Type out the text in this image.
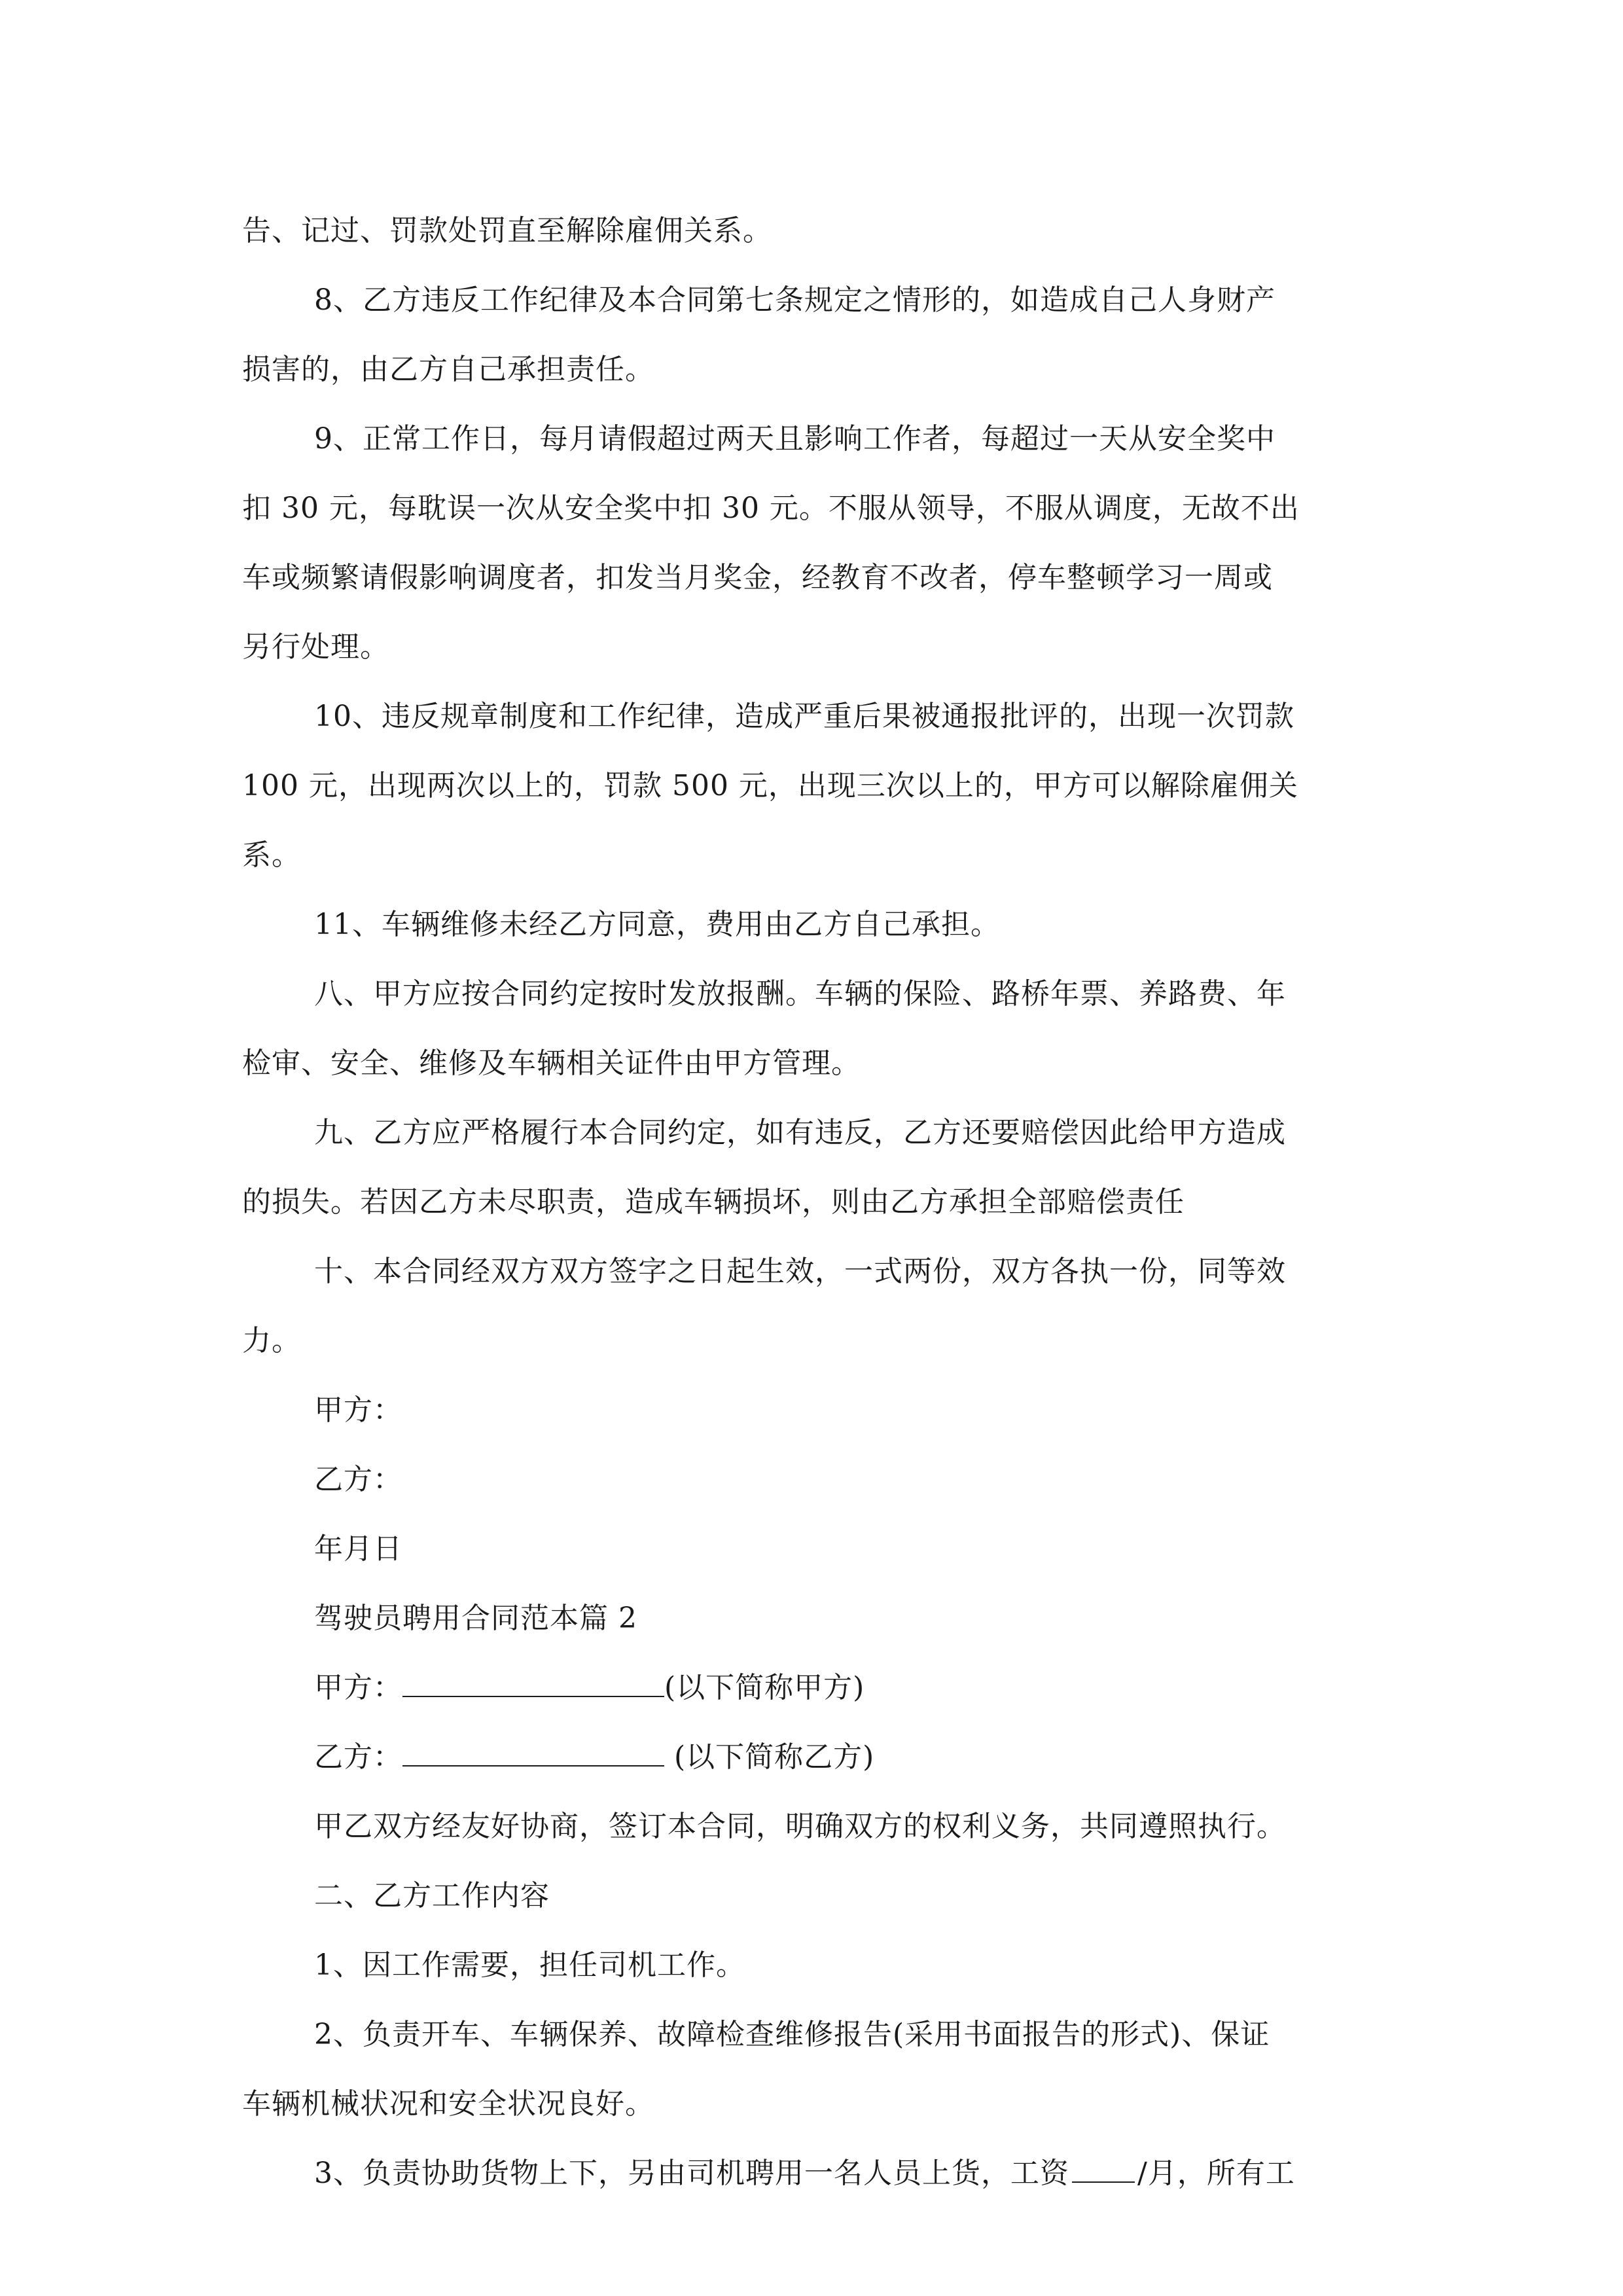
告、记过、罚款处罚直至解除雇佣关系。
8、乙方违反工作纪律及本合同第七条规定之情形的，如造成自己人身财产
损害的，由乙方自己承担责任。
9、正常工作日，每月请假超过两天且影响工作者，每超过一天从安全奖中
扣 30 元，每耽误一次从安全奖中扣 30 元。不服从领导，不服从调度，无故不出
车或频繁请假影响调度者，扣发当月奖金，经教育不改者，停车整顿学习一周或
另行处理。
10、违反规章制度和工作纪律，造成严重后果被通报批评的，出现一次罚款
100 元，出现两次以上的，罚款 500 元，出现三次以上的，甲方可以解除雇佣关
系。
11、车辆维修未经乙方同意，费用由乙方自己承担。
八、甲方应按合同约定按时发放报酬。车辆的保险、路桥年票、养路费、年
检审、安全、维修及车辆相关证件由甲方管理。
九、乙方应严格履行本合同约定，如有违反，乙方还要赔偿因此给甲方造成
的损失。若因乙方未尽职责，造成车辆损坏，则由乙方承担全部赔偿责任
十、本合同经双方双方签字之日起生效，一式两份，双方各执一份，同等效
力。
甲方：
乙方：
年月日
驾驶员聘用合同范本篇 2
甲方：	(以下简称甲方)
乙方：	(以下简称乙方)
甲乙双方经友好协商，签订本合同，明确双方的权利义务，共同遵照执行。
二、乙方工作内容
1、因工作需要，担任司机工作。
2、负责开车、车辆保养、故障检查维修报告(采用书面报告的形式)、保证
车辆机械状况和安全状况良好。
3、负责协助货物上下，另由司机聘用一名人员上货，工资 /月，所有工
